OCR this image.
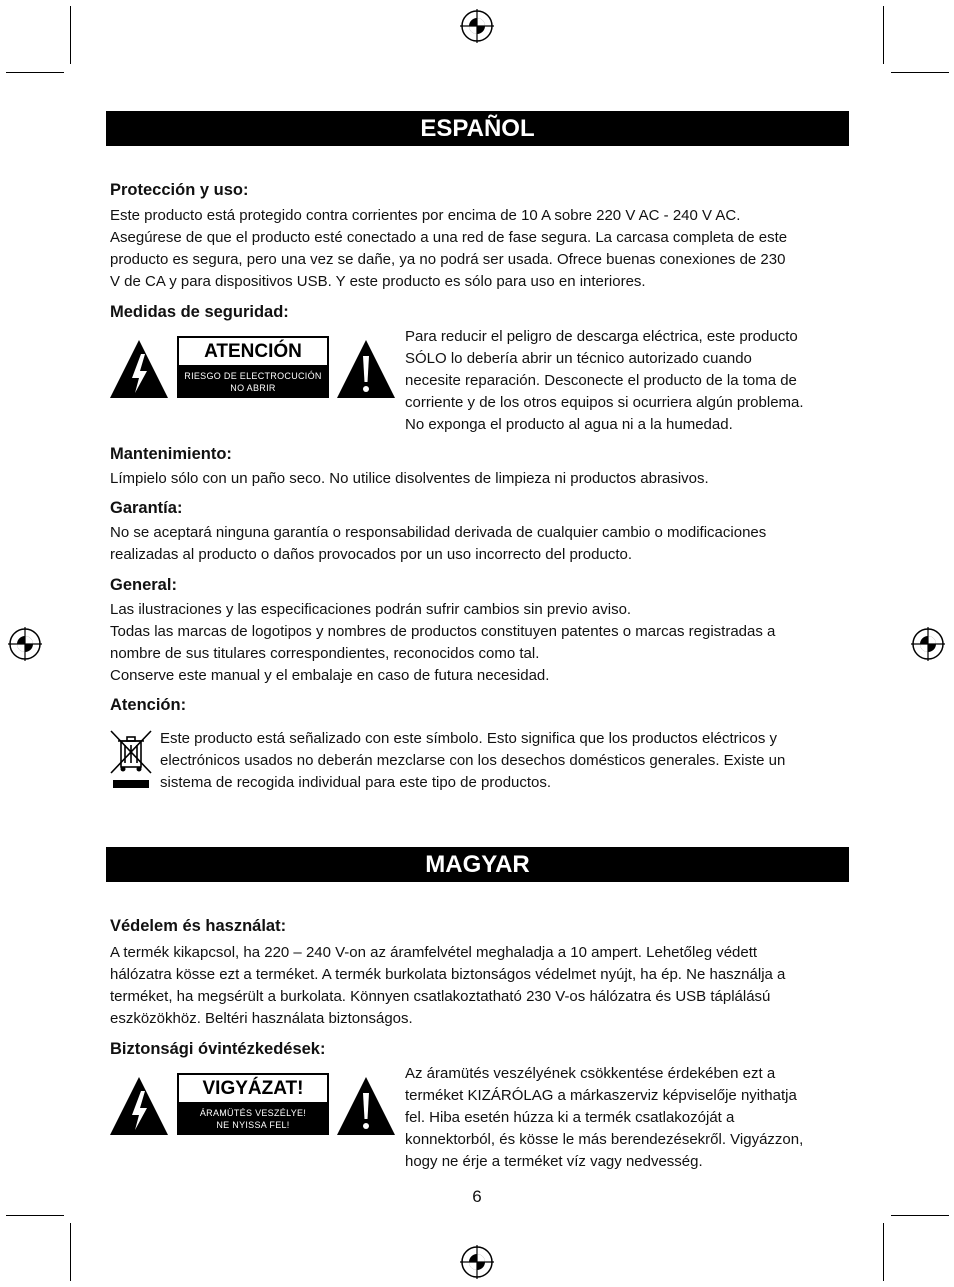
ESPAÑOL
Protección y uso:
Este producto está protegido contra corrientes por encima de 10 A sobre 220 V AC - 240 V AC.
Asegúrese de que el producto esté conectado a una red de fase segura. La carcasa completa de este
producto es segura, pero una vez se dañe, ya no podrá ser usada. Ofrece buenas conexiones de 230
V de CA y para dispositivos USB. Y este producto es sólo para uso en interiores.
Medidas de seguridad:
ATENCIÓN
RIESGO DE ELECTROCUCIÓN
NO ABRIR
Para reducir el peligro de descarga eléctrica, este producto
SÓLO lo debería abrir un técnico autorizado cuando
necesite reparación. Desconecte el producto de la toma de
corriente y de los otros equipos si ocurriera algún problema.
No exponga el producto al agua ni a la humedad.
Mantenimiento:
Límpielo sólo con un paño seco. No utilice disolventes de limpieza ni productos abrasivos.
Garantía:
No se aceptará ninguna garantía o responsabilidad derivada de cualquier cambio o modificaciones
realizadas al producto o daños provocados por un uso incorrecto del producto.
General:
Las ilustraciones y las especificaciones podrán sufrir cambios sin previo aviso.
Todas las marcas de logotipos y nombres de productos constituyen patentes o marcas registradas a
nombre de sus titulares correspondientes, reconocidos como tal.
Conserve este manual y el embalaje en caso de futura necesidad.
Atención:
Este producto está señalizado con este símbolo. Esto significa que los productos eléctricos y
electrónicos usados no deberán mezclarse con los desechos domésticos generales. Existe un
sistema de recogida individual para este tipo de productos.
MAGYAR
Védelem és használat:
A termék kikapcsol, ha 220 – 240 V-on az áramfelvétel meghaladja a 10 ampert. Lehetőleg védett
hálózatra kösse ezt a terméket. A termék burkolata biztonságos védelmet nyújt, ha ép. Ne használja a
terméket, ha megsérült a burkolata. Könnyen csatlakoztatható 230 V-os hálózatra és USB táplálású
eszközökhöz. Beltéri használata biztonságos.
Biztonsági óvintézkedések:
VIGYÁZAT!
ÁRAMÜTÉS VESZÉLYE!
NE NYISSA FEL!
Az áramütés veszélyének csökkentése érdekében ezt a
terméket KIZÁRÓLAG a márkaszerviz képviselője nyithatja
fel. Hiba esetén húzza ki a termék csatlakozóját a
konnektorból, és kösse le más berendezésekről. Vigyázzon,
hogy ne érje a terméket víz vagy nedvesség.
6
